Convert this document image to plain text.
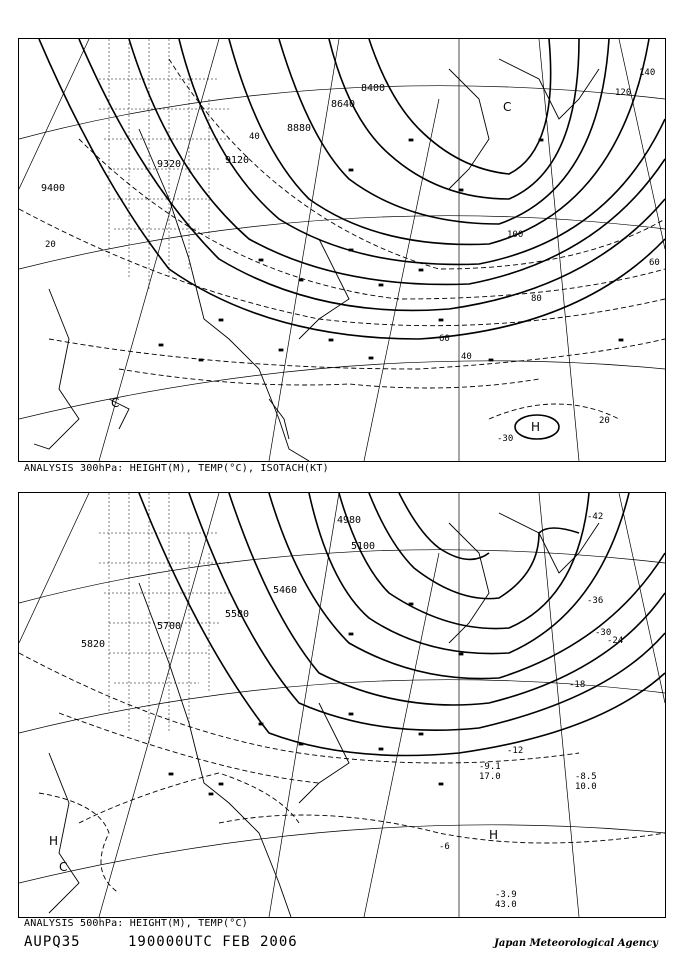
9400
9320	9120
8880
8640
8400
20
20
40
40
60
60
80
100
120
140
H
C
C
-30
ANALYSIS 300hPa: HEIGHT(M), TEMP(°C), ISOTACH(KT)
5820
5700
5580
5460
5100
4980	-42
-36
-30
-24
-18
-12
-6
H
H
C
-9.1
17.0	-8.5
10.0
-3.9
43.0
ANALYSIS 500hPa: HEIGHT(M), TEMP(°C)
AUPQ35	190000UTC FEB 2006	Japan Meteorological Agency
